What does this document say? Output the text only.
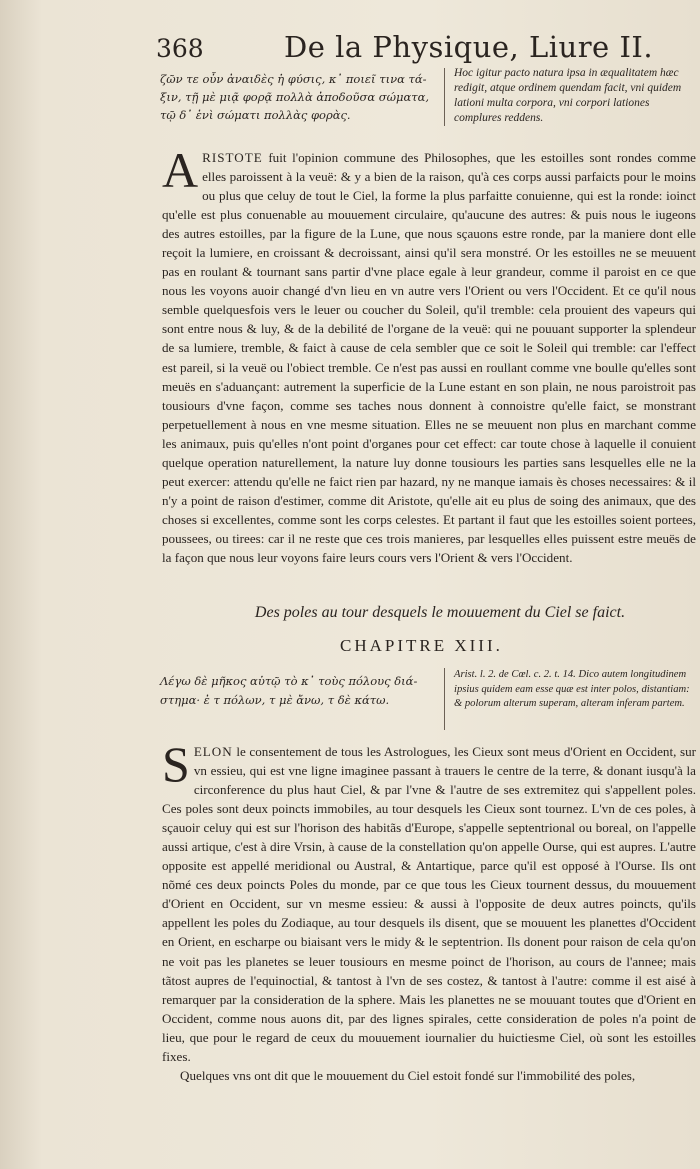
368	De la Physique, Liure II.
ζῶν τε οὖν ἀναιδὲς ἡ φύσις, κ᾽ ποιεῖ τινα τά-ξιν, τῇ μὲ μιᾷ φορᾷ πολλὰ ἀποδοῦσα σώματα, τῷ δ᾽ ἑνὶ σώματι πολλὰς φορὰς.
Hoc igitur pacto natura ipsa in æqualitatem hæc redigit, atque ordinem quendam facit, vni quidem lationi multa corpora, vni corpori lationes complures reddens.
ARISTOTE fuit l'opinion commune des Philosophes, que les estoilles sont rondes comme elles paroissent à la veuë: & y a bien de la raison, qu'à ces corps aussi parfaicts pour le moins ou plus que celuy de tout le Ciel, la forme la plus parfaitte conuienne, qui est la ronde: ioinct qu'elle est plus conuenable au mouuement circulaire, qu'aucune des autres: & puis nous le iugeons des autres estoilles, par la figure de la Lune, que nous sçauons estre ronde, par la maniere dont elle reçoit la lumiere, en croissant & decroissant, ainsi qu'il sera monstré. Or les estoilles ne se meuuent pas en roulant & tournant sans partir d'vne place egale à leur grandeur, comme il paroist en ce que nous les voyons auoir changé d'vn lieu en vn autre vers l'Orient ou vers l'Occident. Et ce qu'il nous semble quelquesfois vers le leuer ou coucher du Soleil, qu'il tremble: cela prouient des vapeurs qui sont entre nous & luy, & de la debilité de l'organe de la veuë: qui ne pouuant supporter la splendeur de sa lumiere, tremble, & faict à cause de cela sembler que ce soit le Soleil qui tremble: car l'effect est pareil, si la veuë ou l'obiect tremble. Ce n'est pas aussi en roullant comme vne boulle qu'elles sont meuës en s'aduançant: autrement la superficie de la Lune estant en son plain, ne nous paroistroit pas tousiours d'vne façon, comme ses taches nous donnent à connoistre qu'elle faict, se monstrant perpetuellement à nous en vne mesme situation. Elles ne se meuuent non plus en marchant comme les animaux, puis qu'elles n'ont point d'organes pour cet effect: car toute chose à laquelle il conuient quelque operation naturellement, la nature luy donne tousiours les parties sans lesquelles elle ne la peut exercer: attendu qu'elle ne faict rien par hazard, ny ne manque iamais ès choses necessaires: & il n'y a point de raison d'estimer, comme dit Aristote, qu'elle ait eu plus de soing des animaux, que des choses si excellentes, comme sont les corps celestes. Et partant il faut que les estoilles soient portees, poussees, ou tirees: car il ne reste que ces trois manieres, par lesquelles elles puissent estre meuës de la façon que nous leur voyons faire leurs cours vers l'Orient & vers l'Occident.
Des poles au tour desquels le mouuement du Ciel se faict.
CHAPITRE XIII.
Λέγω δὲ μῆκος αὐτῷ τὸ κ᾽ τοὺς πόλους διά-στημα· ἐ τ πόλων, τ μὲ ἄνω, τ δὲ κάτω.
Arist. l. 2. de Cœl. c. 2. t. 14. Dico autem longitudinem ipsius quidem eam esse quæ est inter polos, distantiam: & polorum alterum superam, alteram inferam partem.
SELON le consentement de tous les Astrologues, les Cieux sont meus d'Orient en Occident, sur vn essieu, qui est vne ligne imaginee passant à trauers le centre de la terre, & donant iusqu'à la circonference du plus haut Ciel, & par l'vne & l'autre de ses extremitez qui s'appellent poles. Ces poles sont deux poincts immobiles, au tour desquels les Cieux sont tournez. L'vn de ces poles, à sçauoir celuy qui est sur l'horison des habitãs d'Europe, s'appelle septentrional ou boreal, on l'appelle aussi artique, c'est à dire Vrsin, à cause de la constellation qu'on appelle Ourse, qui est aupres. L'autre opposite est appellé meridional ou Austral, & Antartique, parce qu'il est opposé à l'Ourse. Ils ont nõmé ces deux poincts Poles du monde, par ce que tous les Cieux tournent dessus, du mouuement d'Orient en Occident, sur vn mesme essieu: & aussi à l'opposite de deux autres poincts, qu'ils appellent les poles du Zodiaque, au tour desquels ils disent, que se mouuent les planettes d'Occident en Orient, en escharpe ou biaisant vers le midy & le septentrion. Ils donent pour raison de cela qu'on ne voit pas les planetes se leuer tousiours en mesme poinct de l'horison, au cours de l'annee; mais tãtost aupres de l'equinoctial, & tantost à l'vn de ses costez, & tantost à l'autre: comme il est aisé à remarquer par la consideration de la sphere. Mais les planettes ne se mouuant toutes que d'Orient en Occident, comme nous auons dit, par des lignes spirales, cette consideration de poles n'a point de lieu, que pour le regard de ceux du mouuement iournalier du huictiesme Ciel, où sont les estoilles fixes.
Quelques vns ont dit que le mouuement du Ciel estoit fondé sur l'immobilité des poles,
